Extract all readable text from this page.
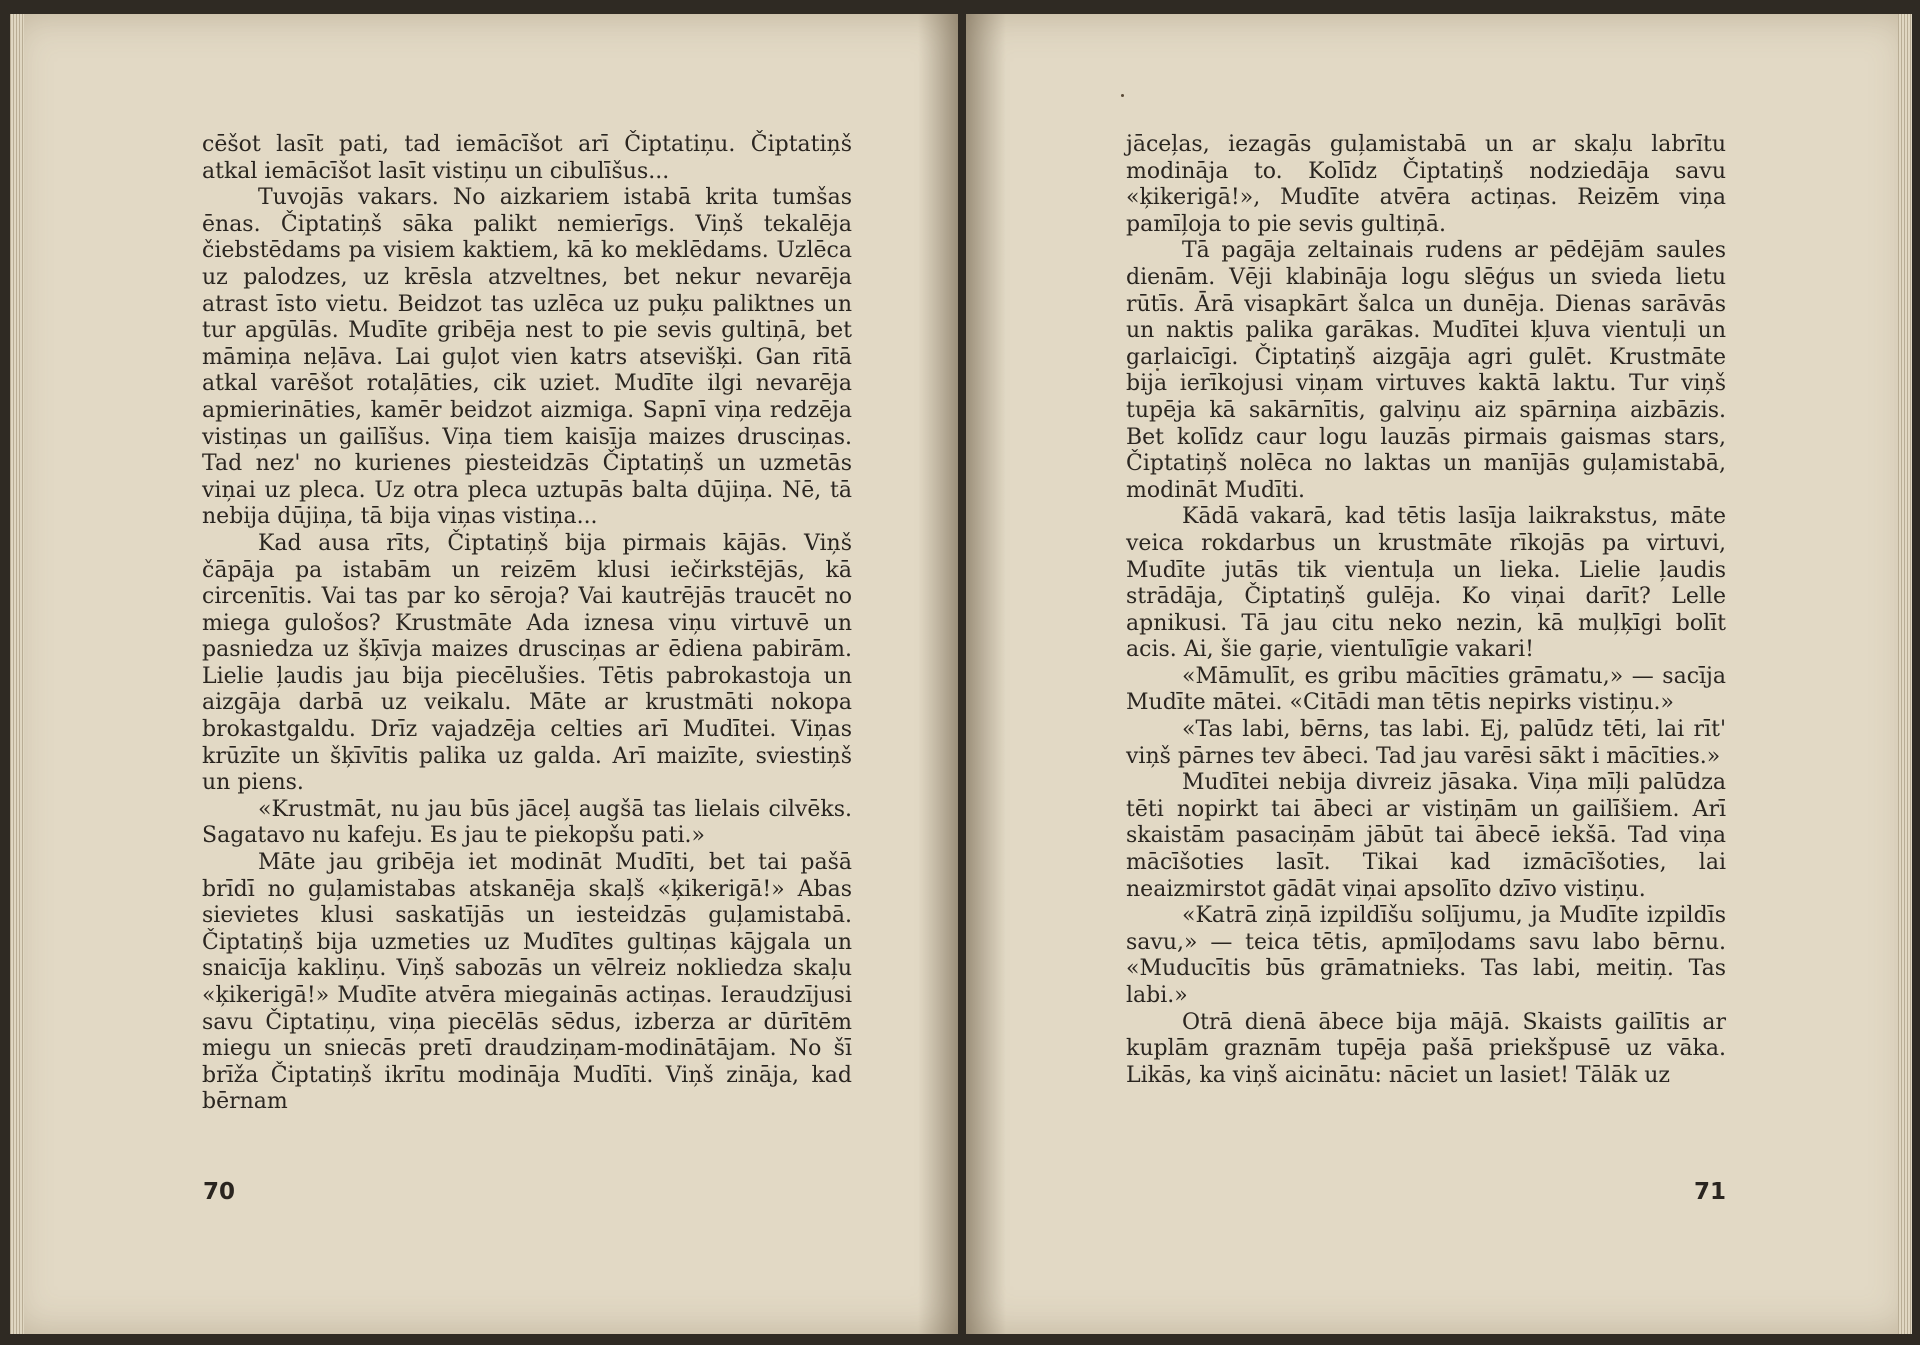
cēšot lasīt pati, tad iemācīšot arī Čiptatiņu. Čiptatiņš atkal iemācīšot lasīt vistiņu un cibulīšus...

Tuvojās vakars. No aizkariem istabā krita tumšas ēnas. Čiptatiņš sāka palikt nemierīgs. Viņš tekalēja čiebstēdams pa visiem kaktiem, kā ko meklēdams. Uzlēca uz palodzes, uz krēsla atzveltnes, bet nekur nevarēja atrast īsto vietu. Beidzot tas uzlēca uz puķu paliktnes un tur apgūlās. Mudīte gribēja nest to pie sevis gultiņā, bet māmiņa neļāva. Lai guļot vien katrs atsevišķi. Gan rītā atkal varēšot rotaļāties, cik uziet. Mudīte ilgi nevarēja apmierināties, kamēr beidzot aizmiga. Sapnī viņa redzēja vistiņas un gailīšus. Viņa tiem kaisīja maizes drusciņas. Tad nez' no kurienes piesteidzās Čiptatiņš un uzmetās viņai uz pleca. Uz otra pleca uztupās balta dūjiņa. Nē, tā nebija dūjiņa, tā bija viņas vistiņa...

Kad ausa rīts, Čiptatiņš bija pirmais kājās. Viņš čāpāja pa istabām un reizēm klusi iečirkstējās, kā circenītis. Vai tas par ko sēroja? Vai kautrējās traucēt no miega gulošos? Krustmāte Ada iznesa viņu virtuvē un pasniedza uz šķīvja maizes drusciņas ar ēdiena pabirām. Lielie ļaudis jau bija piecēlušies. Tētis pabrokastoja un aizgāja darbā uz veikalu. Māte ar krustmāti nokopa brokastgaldu. Drīz vajadzēja celties arī Mudītei. Viņas krūzīte un šķīvītis palika uz galda. Arī maizīte, sviestiņš un piens.

«Krustmāt, nu jau būs jāceļ augšā tas lielais cilvēks. Sagatavo nu kafeju. Es jau te piekopšu pati.»

Māte jau gribēja iet modināt Mudīti, bet tai pašā brīdī no guļamistabas atskanēja skaļš «ķikerigā!» Abas sievietes klusi saskatījās un iesteidzās guļamistabā. Čiptatiņš bija uzmeties uz Mudītes gultiņas kājgala un snaicīja kakliņu. Viņš sabozās un vēlreiz nokliedza skaļu «ķikerigā!» Mudīte atvēra miegainās actiņas. Ieraudzījusi savu Čiptatiņu, viņa piecēlās sēdus, izberza ar dūrītēm miegu un sniecās pretī draudziņam-modinātājam. No šī brīža Čiptatiņš ikrītu modināja Mudīti. Viņš zināja, kad bērnam

70

jāceļas, iezagās guļamistabā un ar skaļu labrītu modināja to. Kolīdz Čiptatiņš nodziedāja savu «ķikerigā!», Mudīte atvēra actiņas. Reizēm viņa pamīļoja to pie sevis gultiņā.

Tā pagāja zeltainais rudens ar pēdējām saules dienām. Vēji klabināja logu slēģus un svieda lietu rūtīs. Ārā visapkārt šalca un dunēja. Dienas sarāvās un naktis palika garākas. Mudītei kļuva vientuļi un garlaicīgi. Čiptatiņš aizgāja agri gulēt. Krustmāte bija ierīkojusi viņam virtuves kaktā laktu. Tur viņš tupēja kā sakārnītis, galviņu aiz spārniņa aizbāzis. Bet kolīdz caur logu lauzās pirmais gaismas stars, Čiptatiņš nolēca no laktas un manījās guļamistabā, modināt Mudīti.

Kādā vakarā, kad tētis lasīja laikrakstus, māte veica rokdarbus un krustmāte rīkojās pa virtuvi, Mudīte jutās tik vientuļa un lieka. Lielie ļaudis strādāja, Čiptatiņš gulēja. Ko viņai darīt? Lelle apnikusi. Tā jau citu neko nezin, kā muļķīgi bolīt acis. Ai, šie gaŗie, vientulīgie vakari!

«Māmulīt, es gribu mācīties grāmatu,» — sacīja Mudīte mātei. «Citādi man tētis nepirks vistiņu.»

«Tas labi, bērns, tas labi. Ej, palūdz tēti, lai rīt' viņš pārnes tev ābeci. Tad jau varēsi sākt i mācīties.»

Mudītei nebija divreiz jāsaka. Viņa mīļi palūdza tēti nopirkt tai ābeci ar vistiņām un gailīšiem. Arī skaistām pasaciņām jābūt tai ābecē iekšā. Tad viņa mācīšoties lasīt. Tikai kad izmācīšoties, lai neaizmirstot gādāt viņai apsolīto dzīvo vistiņu.

«Katrā ziņā izpildīšu solījumu, ja Mudīte izpildīs savu,» — teica tētis, apmīļodams savu labo bērnu. «Muducītis būs grāmatnieks. Tas labi, meitiņ. Tas labi.»

Otrā dienā ābece bija mājā. Skaists gailītis ar kuplām graznām tupēja pašā priekšpusē uz vāka. Likās, ka viņš aicinātu: nāciet un lasiet! Tālāk uz

71
